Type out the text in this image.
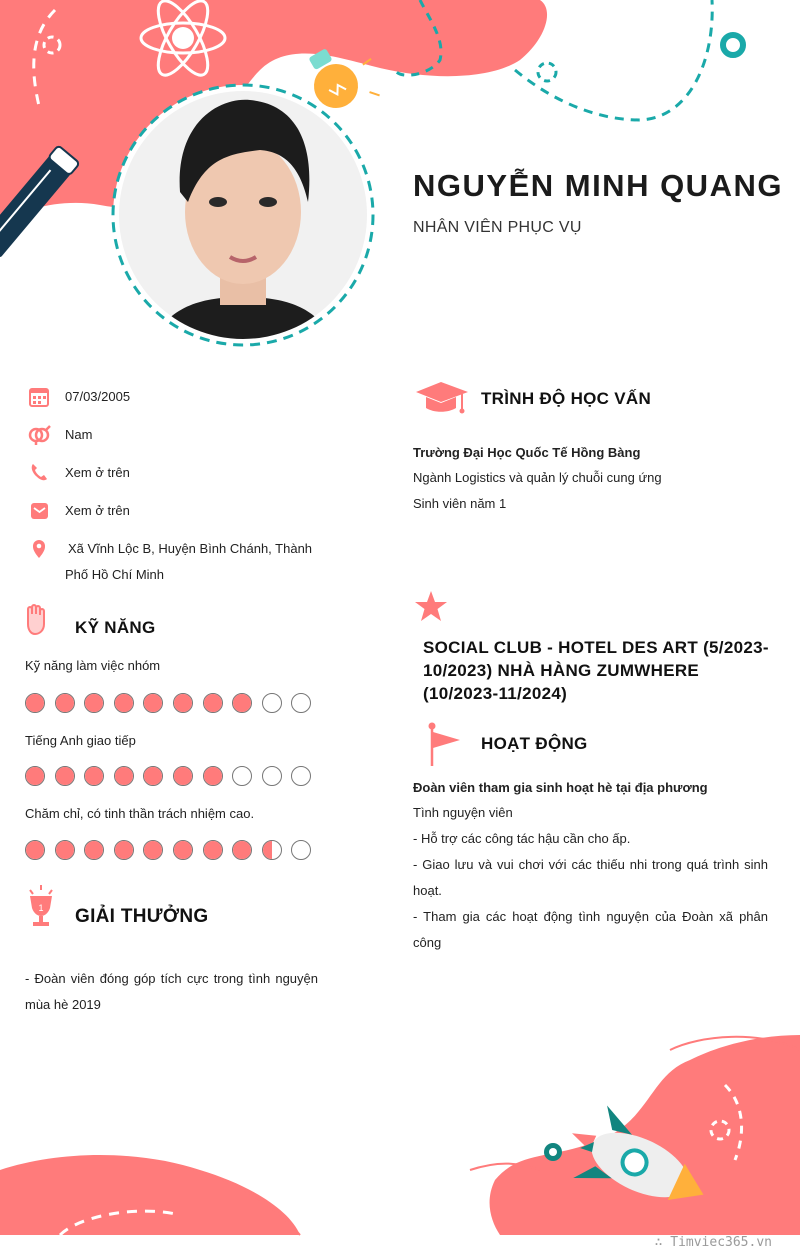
NGUYỄN MINH QUANG
NHÂN VIÊN PHỤC VỤ
07/03/2005
Nam
Xem ở trên
Xem ở trên
Xã Vĩnh Lộc B, Huyện Bình Chánh, Thành Phố Hồ Chí Minh
KỸ NĂNG
Kỹ năng làm việc nhóm
Tiếng Anh giao tiếp
Chăm chỉ, có tinh thần trách nhiệm cao.
1 GIẢI THƯỞNG
- Đoàn viên đóng góp tích cực trong tình nguyện mùa hè 2019
TRÌNH ĐỘ HỌC VẤN
Trường Đại Học Quốc Tế Hồng Bàng
Ngành Logistics và quản lý chuỗi cung ứng
Sinh viên năm 1
SOCIAL CLUB - HOTEL DES ART (5/2023-10/2023) NHÀ HÀNG ZUMWHERE (10/2023-11/2024)
HOẠT ĐỘNG
Đoàn viên tham gia sinh hoạt hè tại địa phương
Tình nguyện viên
- Hỗ trợ các công tác hậu cần cho ấp.
- Giao lưu và vui chơi với các thiếu nhi trong quá trình sinh hoạt.
- Tham gia các hoạt động tình nguyện của Đoàn xã phân công
∴ Timviec365.vn
